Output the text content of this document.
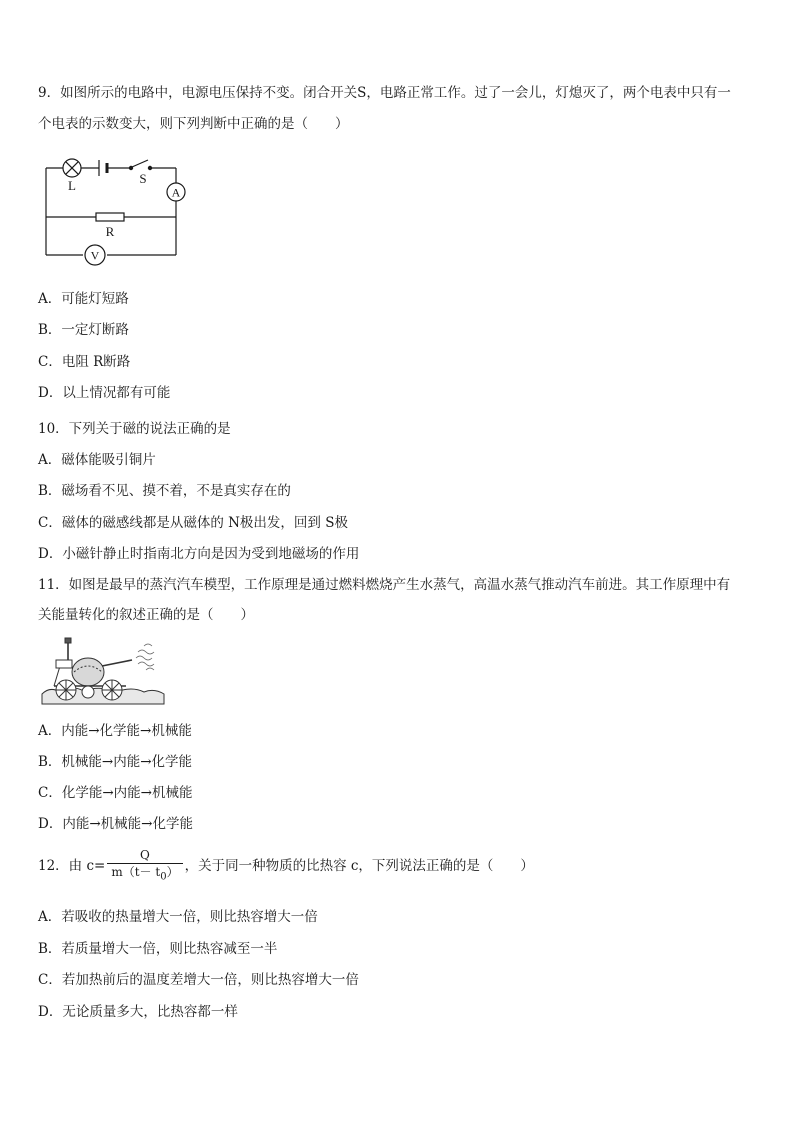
9．如图所示的电路中，电源电压保持不变。闭合开关S，电路正常工作。过了一会儿，灯熄灭了，两个电表中只有一
个电表的示数变大，则下列判断中正确的是（　　）
L	S
A
R
V
A．可能灯短路
B．一定灯断路
C．电阻 R断路
D．以上情况都有可能
10．下列关于磁的说法正确的是
A．磁体能吸引铜片
B．磁场看不见、摸不着，不是真实存在的
C．磁体的磁感线都是从磁体的 N极出发，回到 S极
D．小磁针静止时指南北方向是因为受到地磁场的作用
11．如图是最早的蒸汽汽车模型，工作原理是通过燃料燃烧产生水蒸气，高温水蒸气推动汽车前进。其工作原理中有
关能量转化的叙述正确的是（　　）
A．内能→化学能→机械能
B．机械能→内能→化学能
C．化学能→内能→机械能
D．内能→机械能→化学能
12．由 $c= \frac{Q}{m(t- t_0)}$ ，关于同一种物质的比热容 c，下列说法正确的是（　　）
A．若吸收的热量增大一倍，则比热容增大一倍
B．若质量增大一倍，则比热容减至一半
C．若加热前后的温度差增大一倍，则比热容增大一倍
D．无论质量多大，比热容都一样
